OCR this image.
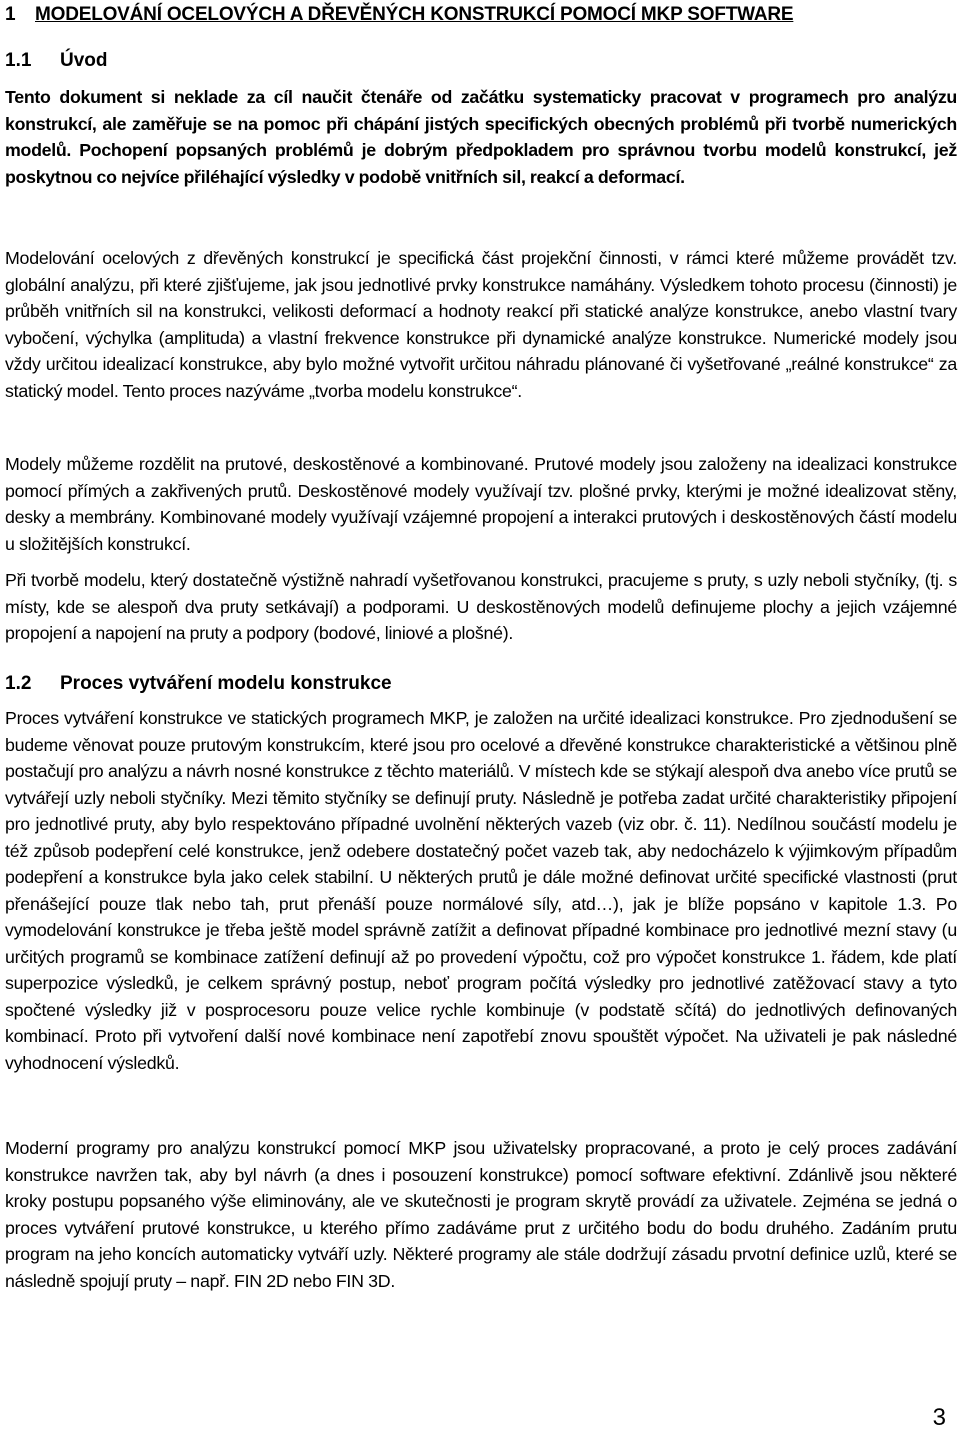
1 MODELOVÁNÍ OCELOVÝCH A DŘEVĚNÝCH KONSTRUKCÍ POMOCÍ MKP SOFTWARE
1.1 Úvod

Tento dokument si neklade za cíl naučit čtenáře od začátku systematicky pracovat v programech pro analýzu konstrukcí, ale zaměřuje se na pomoc při chápání jistých specifických obecných problémů při tvorbě numerických modelů. Pochopení popsaných problémů je dobrým předpokladem pro správnou tvorbu modelů konstrukcí, jež poskytnou co nejvíce přiléhající výsledky v podobě vnitřních sil, reakcí a deformací.

Modelování ocelových z dřevěných konstrukcí je specifická část projekční činnosti, v rámci které můžeme provádět tzv. globální analýzu, při které zjišťujeme, jak jsou jednotlivé prvky konstrukce namáhány. Výsledkem tohoto procesu (činnosti) je průběh vnitřních sil na konstrukci, velikosti deformací a hodnoty reakcí při statické analýze konstrukce, anebo vlastní tvary vybočení, výchylka (amplituda) a vlastní frekvence konstrukce při dynamické analýze konstrukce. Numerické modely jsou vždy určitou idealizací konstrukce, aby bylo možné vytvořit určitou náhradu plánované či vyšetřované „reálné konstrukce“ za statický model. Tento proces nazýváme „tvorba modelu konstrukce“.

Modely můžeme rozdělit na prutové, deskostěnové a kombinované. Prutové modely jsou založeny na idealizaci konstrukce pomocí přímých a zakřivených prutů. Deskostěnové modely využívají tzv. plošné prvky, kterými je možné idealizovat stěny, desky a membrány. Kombinované modely využívají vzájemné propojení a interakci prutových i deskostěnových částí modelu u složitějších konstrukcí.

Při tvorbě modelu, který dostatečně výstižně nahradí vyšetřovanou konstrukci, pracujeme s pruty, s uzly neboli styčníky, (tj. s místy, kde se alespoň dva pruty setkávají) a podporami. U deskostěnových modelů definujeme plochy a jejich vzájemné propojení a napojení na pruty a podpory (bodové, liniové a plošné).

1.2 Proces vytváření modelu konstrukce

Proces vytváření konstrukce ve statických programech MKP, je založen na určité idealizaci konstrukce. Pro zjednodušení se budeme věnovat pouze prutovým konstrukcím, které jsou pro ocelové a dřevěné konstrukce charakteristické a většinou plně postačují pro analýzu a návrh nosné konstrukce z těchto materiálů. V místech kde se stýkají alespoň dva anebo více prutů se vytvářejí uzly neboli styčníky. Mezi těmito styčníky se definují pruty. Následně je potřeba zadat určité charakteristiky připojení pro jednotlivé pruty, aby bylo respektováno případné uvolnění některých vazeb (viz obr. č. 11). Nedílnou součástí modelu je též způsob podepření celé konstrukce, jenž odebere dostatečný počet vazeb tak, aby nedocházelo k výjimkovým případům podepření a konstrukce byla jako celek stabilní. U některých prutů je dále možné definovat určité specifické vlastnosti (prut přenášející pouze tlak nebo tah, prut přenáší pouze normálové síly, atd…), jak je blíže popsáno v kapitole 1.3. Po vymodelování konstrukce je třeba ještě model správně zatížit a definovat případné kombinace pro jednotlivé mezní stavy (u určitých programů se kombinace zatížení definují až po provedení výpočtu, což pro výpočet konstrukce 1. řádem, kde platí superpozice výsledků, je celkem správný postup, neboť program počítá výsledky pro jednotlivé zatěžovací stavy a tyto spočtené výsledky již v posprocesoru pouze velice rychle kombinuje (v podstatě sčítá) do jednotlivých definovaných kombinací. Proto při vytvoření další nové kombinace není zapotřebí znovu spouštět výpočet. Na uživateli je pak následné vyhodnocení výsledků.

Moderní programy pro analýzu konstrukcí pomocí MKP jsou uživatelsky propracované, a proto je celý proces zadávání konstrukce navržen tak, aby byl návrh (a dnes i posouzení konstrukce) pomocí software efektivní. Zdánlivě jsou některé kroky postupu popsaného výše eliminovány, ale ve skutečnosti je program skrytě provádí za uživatele. Zejména se jedná o proces vytváření prutové konstrukce, u kterého přímo zadáváme prut z určitého bodu do bodu druhého. Zadáním prutu program na jeho koncích automaticky vytváří uzly. Některé programy ale stále dodržují zásadu prvotní definice uzlů, které se následně spojují pruty – např. FIN 2D nebo FIN 3D.

3
